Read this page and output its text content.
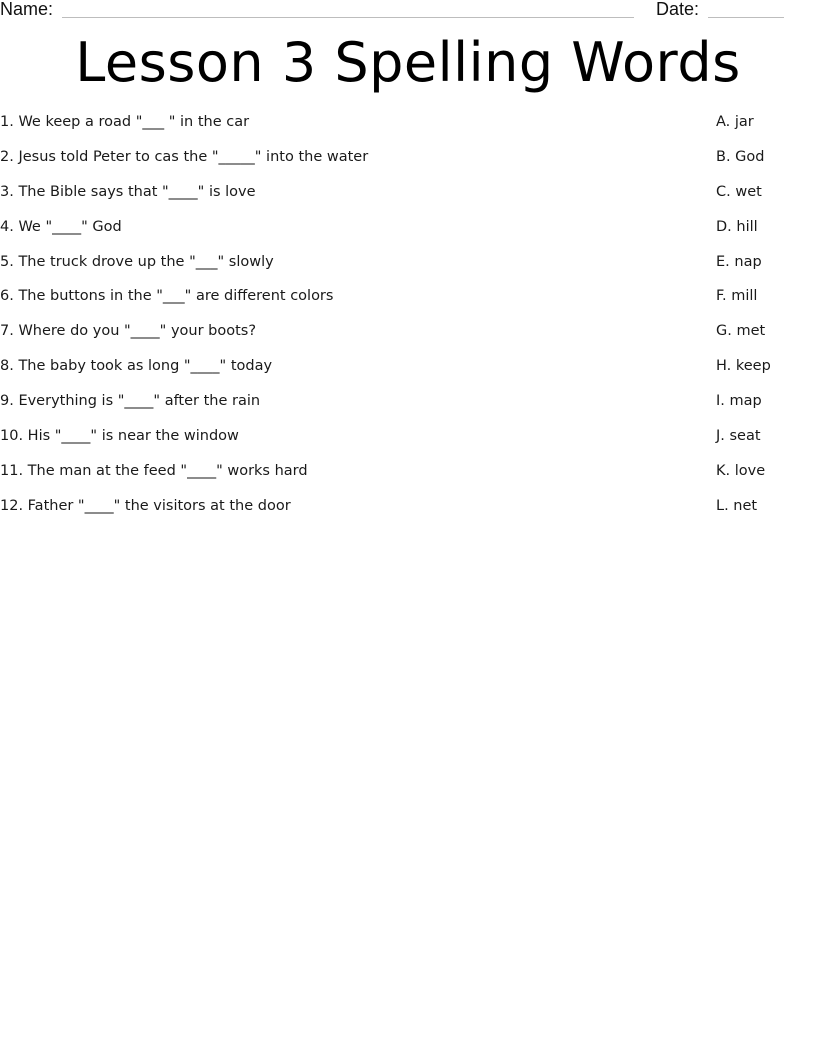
Name:	Date:
Lesson 3 Spelling Words
1. We keep a road "___ " in the car
2. Jesus told Peter to cas the "_____" into the water
3. The Bible says that "____" is love
4. We "____" God
5. The truck drove up the "___" slowly
6. The buttons in the "___" are different colors
7. Where do you "____" your boots?
8. The baby took as long "____" today
9. Everything is "____" after the rain
10. His "____" is near the window
11. The man at the feed "____" works hard
12. Father "____" the visitors at the door
A. jar
B. God
C. wet
D. hill
E. nap
F. mill
G. met
H. keep
I. map
J. seat
K. love
L. net
